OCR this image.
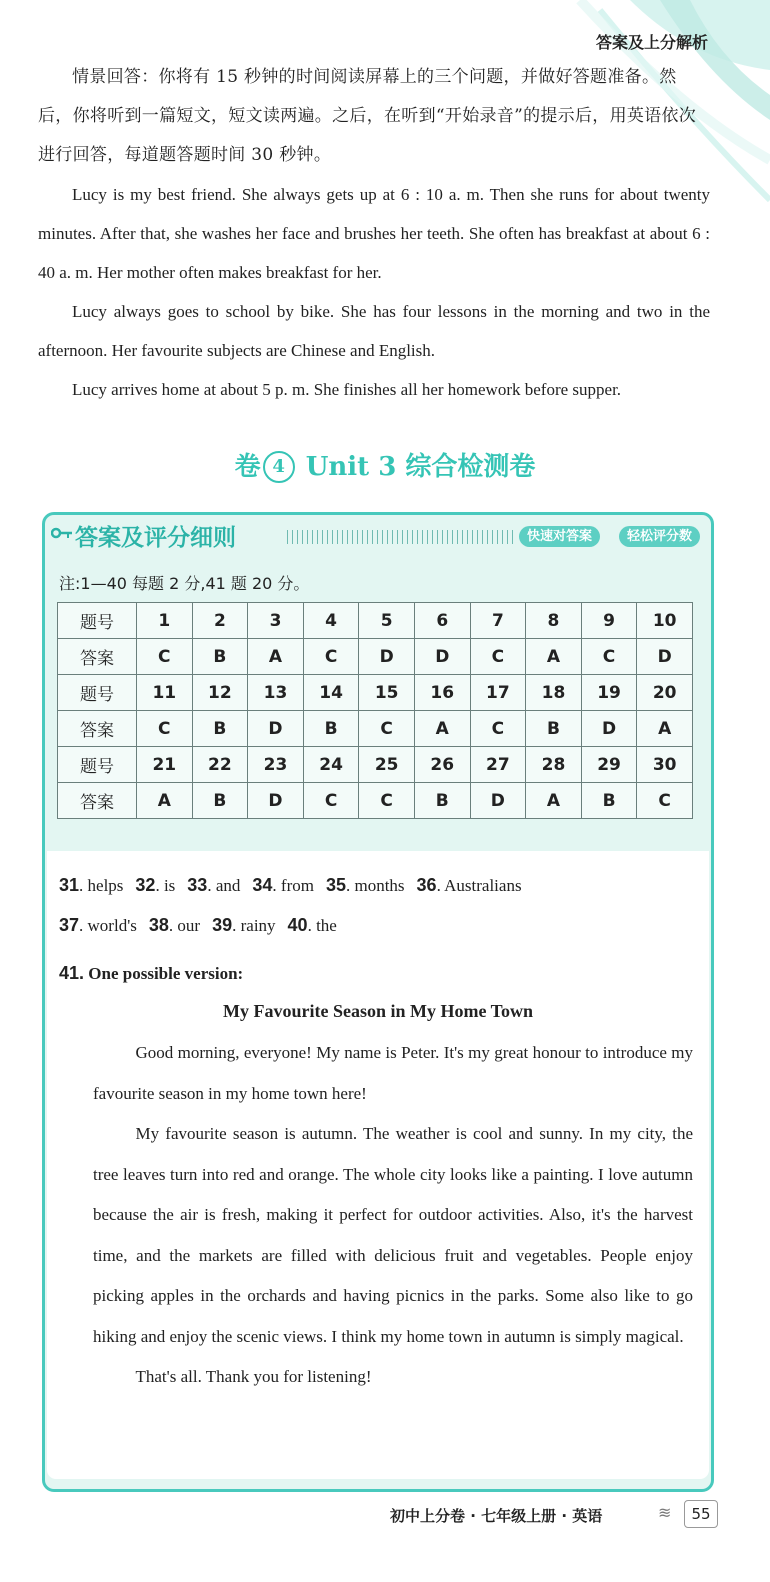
答案及上分解析

情景回答：你将有 15 秒钟的时间阅读屏幕上的三个问题，并做好答题准备。然后，你将听到一篇短文，短文读两遍。之后，在听到“开始录音”的提示后，用英语依次进行回答，每道题答题时间 30 秒钟。

Lucy is my best friend. She always gets up at 6 : 10 a. m. Then she runs for about twenty minutes. After that, she washes her face and brushes her teeth. She often has breakfast at about 6 : 40 a. m. Her mother often makes breakfast for her.

Lucy always goes to school by bike. She has four lessons in the morning and two in the afternoon. Her favourite subjects are Chinese and English.

Lucy arrives home at about 5 p. m. She finishes all her homework before supper.

卷 4 Unit 3 综合检测卷
答案及评分细则	快速对答案	轻松评分数
注:1—40 每题 2 分,41 题 20 分。
题号	1	2	3	4	5	6	7	8	9	10
答案	C	B	A	C	D	D	C	A	C	D
题号	11	12	13	14	15	16	17	18	19	20
答案	C	B	D	B	C	A	C	B	D	A
题号	21	22	23	24	25	26	27	28	29	30
答案	A	B	D	C	C	B	D	A	B	C
31. helps 32. is 33. and 34. from 35. months 36. Australians
37. world's 38. our 39. rainy 40. the
41. One possible version:
My Favourite Season in My Home Town

Good morning, everyone! My name is Peter. It's my great honour to introduce my favourite season in my home town here!

My favourite season is autumn. The weather is cool and sunny. In my city, the tree leaves turn into red and orange. The whole city looks like a painting. I love autumn because the air is fresh, making it perfect for outdoor activities. Also, it's the harvest time, and the markets are filled with delicious fruit and vegetables. People enjoy picking apples in the orchards and having picnics in the parks. Some also like to go hiking and enjoy the scenic views. I think my home town in autumn is simply magical.

That's all. Thank you for listening!

初中上分卷 · 七年级上册 · 英语	≋	55
